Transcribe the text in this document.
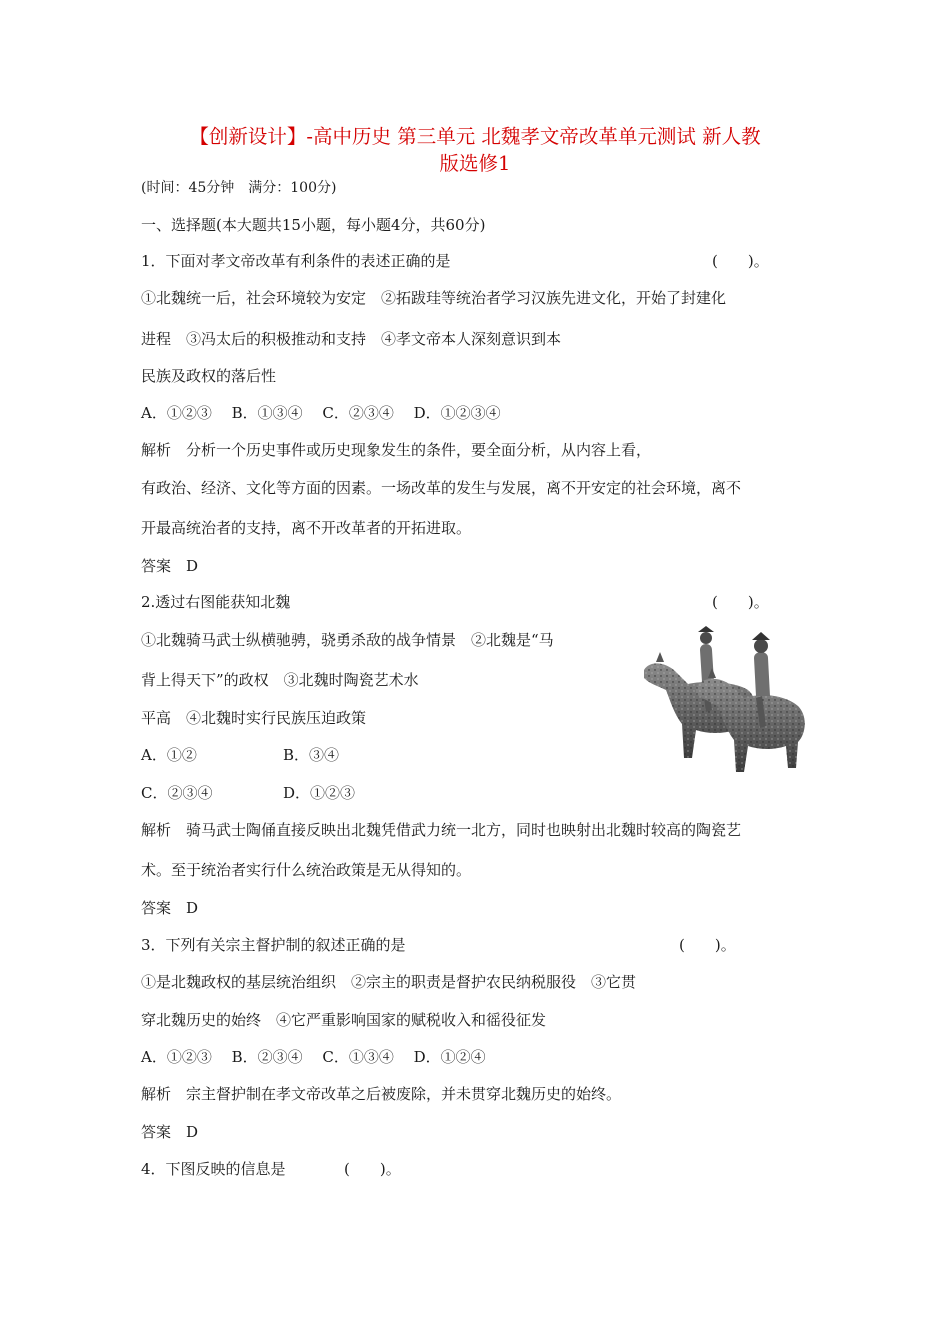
【创新设计】-高中历史 第三单元 北魏孝文帝改革单元测试 新人教
版选修1
(时间：45分钟　满分：100分)
一、选择题(本大题共15小题，每小题4分，共60分)
1．下面对孝文帝改革有利条件的表述正确的是	(　　)。
①北魏统一后，社会环境较为安定　②拓跋珪等统治者学习汉族先进文化，开始了封建化
进程　③冯太后的积极推动和支持　④孝文帝本人深刻意识到本
民族及政权的落后性
A．①②③　 B．①③④　 C．②③④　 D．①②③④
解析　分析一个历史事件或历史现象发生的条件，要全面分析，从内容上看，
有政治、经济、文化等方面的因素。一场改革的发生与发展，离不开安定的社会环境，离不
开最高统治者的支持，离不开改革者的开拓进取。
答案　D
2.透过右图能获知北魏	(　　)。
①北魏骑马武士纵横驰骋，骁勇杀敌的战争情景　②北魏是“马
背上得天下”的政权　③北魏时陶瓷艺术水
平高　④北魏时实行民族压迫政策
A．①②	B．③④
C．②③④	D．①②③
解析　骑马武士陶俑直接反映出北魏凭借武力统一北方，同时也映射出北魏时较高的陶瓷艺
术。至于统治者实行什么统治政策是无从得知的。
答案　D
3．下列有关宗主督护制的叙述正确的是	(　　)。
①是北魏政权的基层统治组织　②宗主的职责是督护农民纳税服役　③它贯
穿北魏历史的始终　④它严重影响国家的赋税收入和徭役征发
A．①②③　 B．②③④　 C．①③④　 D．①②④
解析　宗主督护制在孝文帝改革之后被废除，并未贯穿北魏历史的始终。
答案　D
4．下图反映的信息是	(　　)。
